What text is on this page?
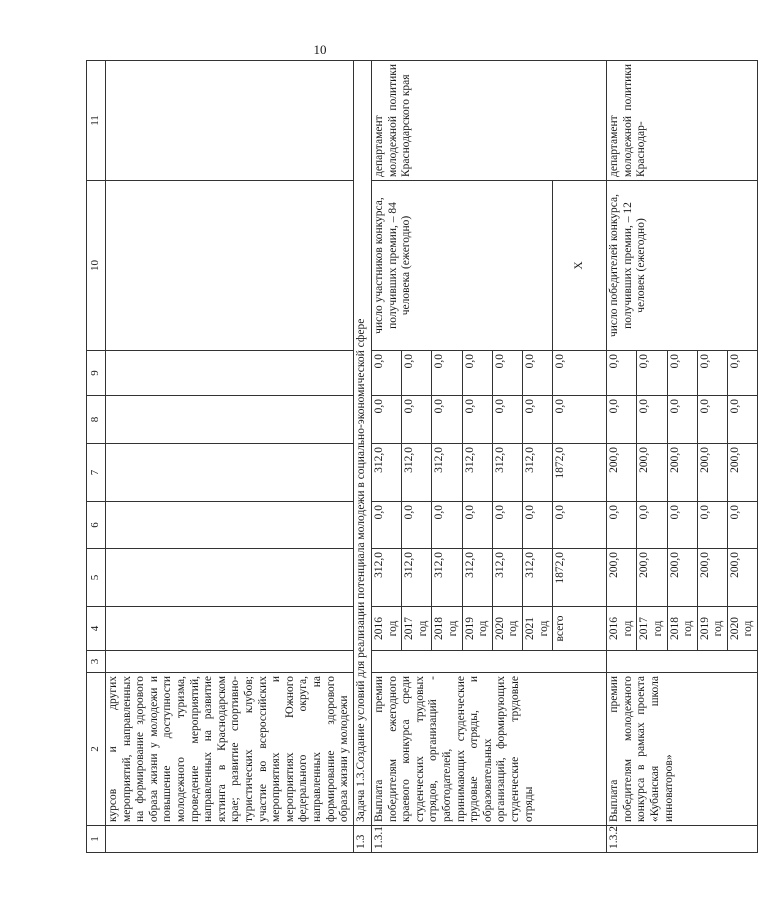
10
1	2	3	4	5	6	7	8	9	10	11
	курсов и других мероприятий, направленных на формирование здорового образа жизни у молодежи и повышение доступности молодежного туризма, проведение мероприятий, направленных на развитие яхтинга в Краснодарском крае; развитие спортивно-туристических клубов; участие во всероссийских мероприятиях и мероприятиях Южного федерального округа, направленных на формирование здорового образа жизни у молодежи									
1.3	Задача 1.3.Создание условий для реализации потенциала молодежи в социально-экономической сфере									
1.3.1	Выплата премии победителям ежегодного краевого конкурса среди студенческих трудовых отрядов, организаций - работодателей, принимающих студенческие трудовые отряды, и образовательных организаций, формирующих студенческие трудовые отряды		2016 год	312,0	0,0	312,0	0,0	0,0	число участников конкурса, получивших премии, – 84 человека (ежегодно)	департамент молодежной политики Краснодарского края
			2017 год	312,0	0,0	312,0	0,0	0,0		
			2018 год	312,0	0,0	312,0	0,0	0,0		
			2019 год	312,0	0,0	312,0	0,0	0,0		
			2020 год	312,0	0,0	312,0	0,0	0,0		
			2021 год	312,0	0,0	312,0	0,0	0,0		
			всего	1872,0	0,0	1872,0	0,0	0,0	Х	
1.3.2	Выплата премии победителям молодежного конкурса в рамках проекта «Кубанская школа инноваторов»		2016 год	200,0	0,0	200,0	0,0	0,0	число победителей конкурса, получивших премии, – 12 человек (ежегодно)	департамент молодежной политики Краснодар-
			2017 год	200,0	0,0	200,0	0,0	0,0		
			2018 год	200,0	0,0	200,0	0,0	0,0		
			2019 год	200,0	0,0	200,0	0,0	0,0		
			2020 год	200,0	0,0	200,0	0,0	0,0		
